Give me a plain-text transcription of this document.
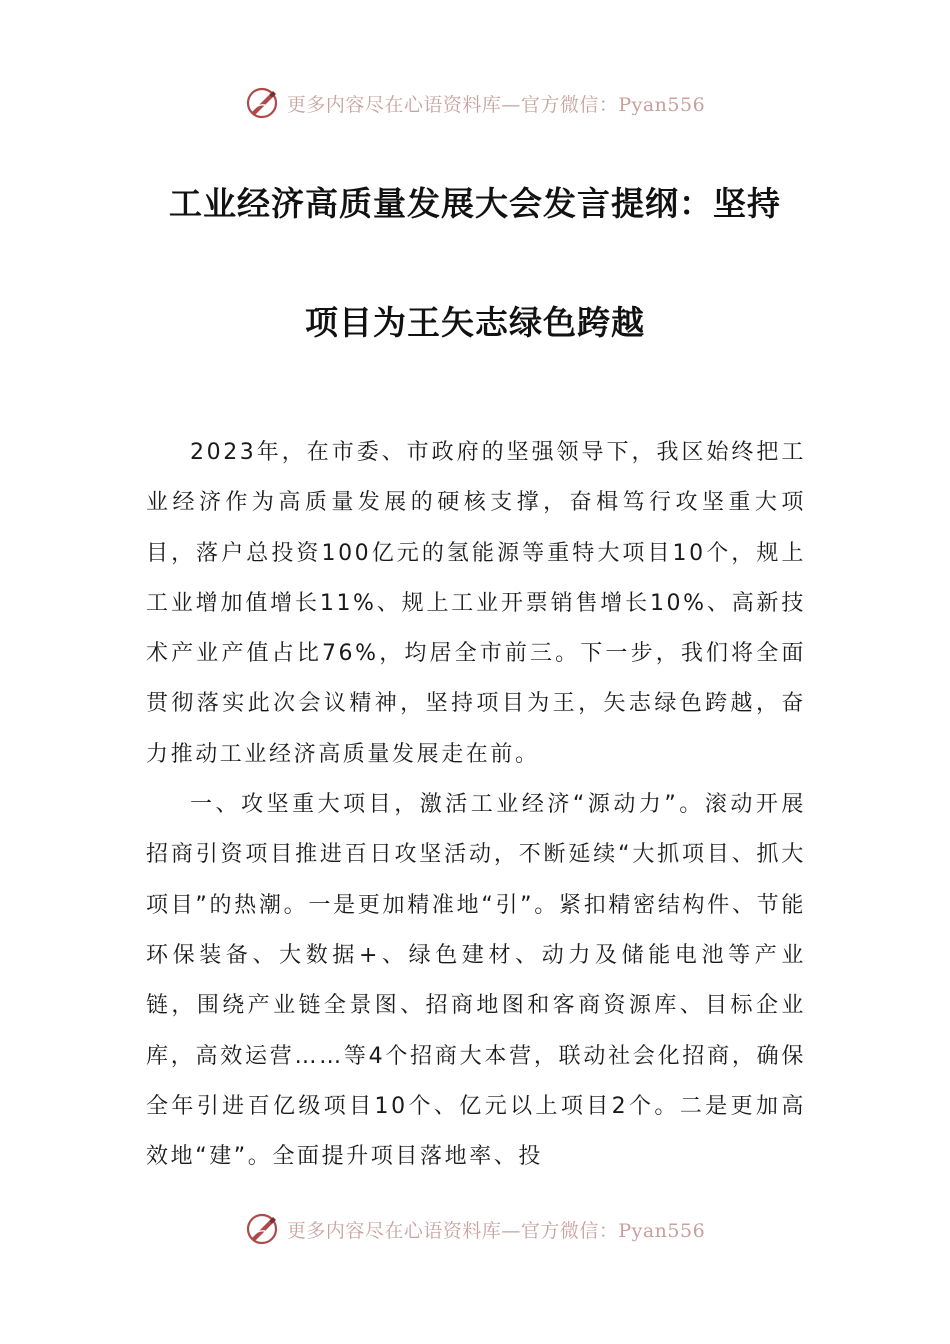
更多内容尽在心语资料库—官方微信：Pyan556
工业经济高质量发展大会发言提纲：坚持
项目为王矢志绿色跨越

2023年，在市委、市政府的坚强领导下，我区始终把工业经济作为高质量发展的硬核支撑，奋楫笃行攻坚重大项目，落户总投资100亿元的氢能源等重特大项目10个，规上工业增加值增长11%、规上工业开票销售增长10%、高新技术产业产值占比76%，均居全市前三。下一步，我们将全面贯彻落实此次会议精神，坚持项目为王，矢志绿色跨越，奋力推动工业经济高质量发展走在前。

一、攻坚重大项目，激活工业经济“源动力”。滚动开展招商引资项目推进百日攻坚活动，不断延续“大抓项目、抓大项目”的热潮。一是更加精准地“引”。紧扣精密结构件、节能环保装备、大数据+、绿色建材、动力及储能电池等产业链，围绕产业链全景图、招商地图和客商资源库、目标企业库，高效运营……等4个招商大本营，联动社会化招商，确保全年引进百亿级项目10个、亿元以上项目2个。二是更加高效地“建”。全面提升项目落地率、投

更多内容尽在心语资料库—官方微信：Pyan556
